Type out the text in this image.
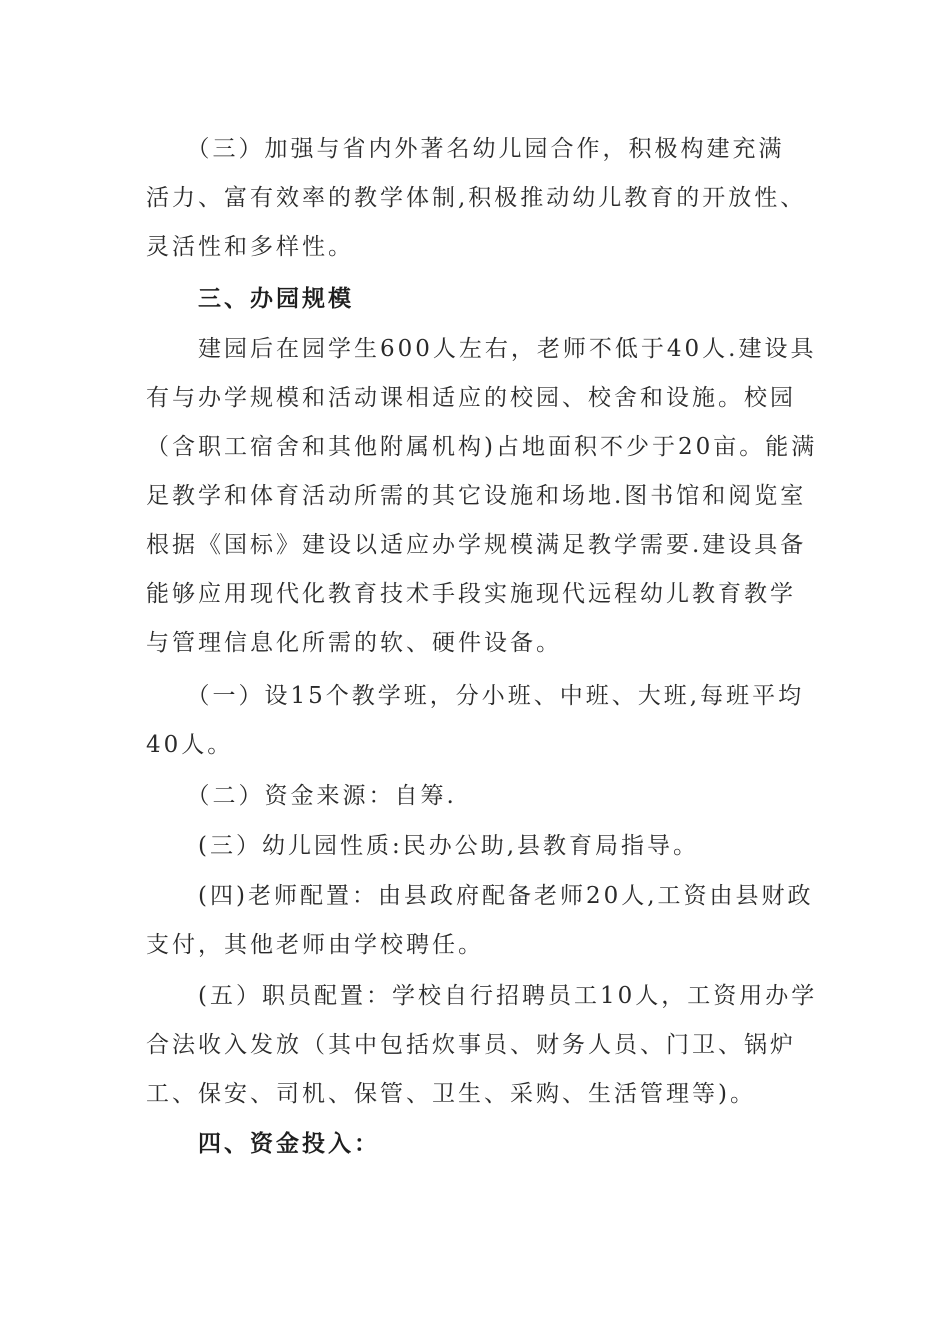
　　（三）加强与省内外著名幼儿园合作，积极构建充满
活力、富有效率的教学体制,积极推动幼儿教育的开放性、
灵活性和多样性。
　　三、办园规模
　　建园后在园学生600人左右，老师不低于40人.建设具
有与办学规模和活动课相适应的校园、校舍和设施。校园
（含职工宿舍和其他附属机构)占地面积不少于20亩。能满
足教学和体育活动所需的其它设施和场地.图书馆和阅览室
根据《国标》建设以适应办学规模满足教学需要.建设具备
能够应用现代化教育技术手段实施现代远程幼儿教育教学
与管理信息化所需的软、硬件设备。
　　（一）设15个教学班，分小班、中班、大班,每班平均
40人。
　　（二）资金来源：自筹.
　　(三）幼儿园性质:民办公助,县教育局指导。
　　(四)老师配置：由县政府配备老师20人,工资由县财政
支付，其他老师由学校聘任。
　　(五）职员配置：学校自行招聘员工10人，工资用办学
合法收入发放（其中包括炊事员、财务人员、门卫、锅炉
工、保安、司机、保管、卫生、采购、生活管理等)。
　　四、资金投入：
